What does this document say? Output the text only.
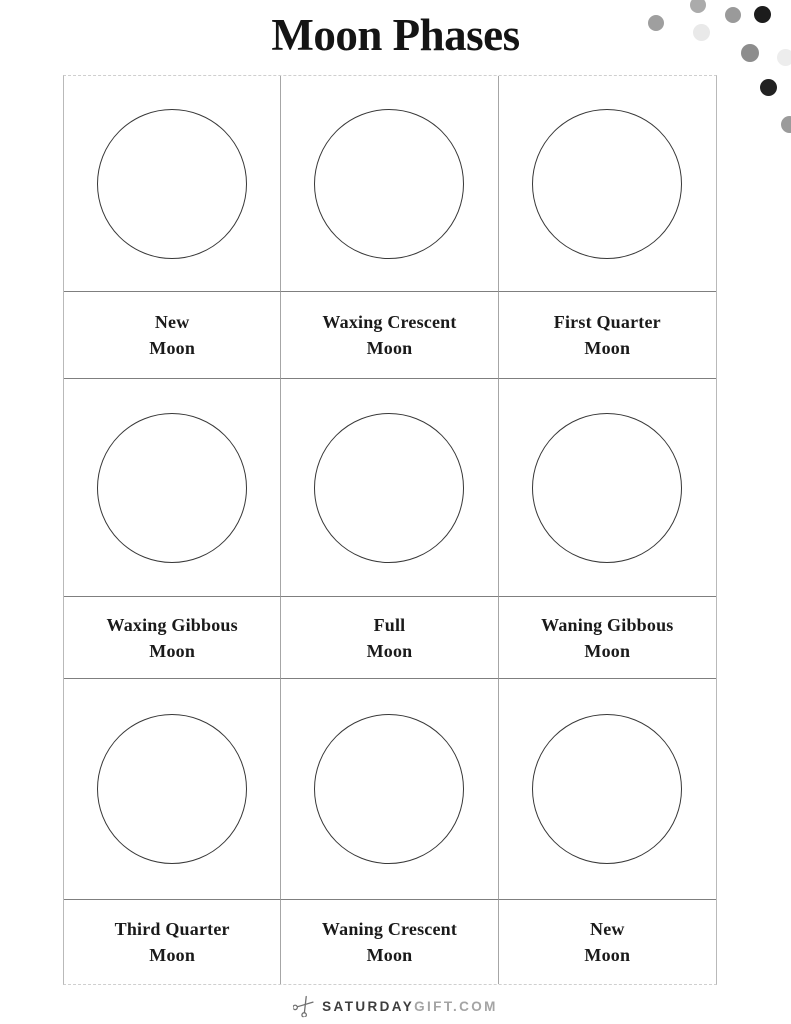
Moon Phases
New
Moon
Waxing Crescent
Moon
First Quarter
Moon
Waxing Gibbous
Moon
Full
Moon
Waning Gibbous
Moon
Third Quarter
Moon
Waning Crescent
Moon
New
Moon
SATURDAYGIFT.COM
